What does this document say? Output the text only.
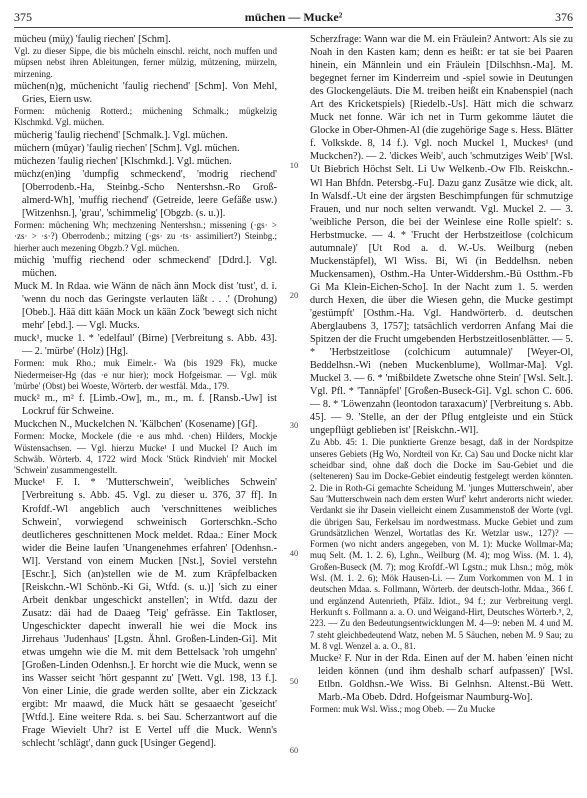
375	müchen — Mucke²	376

mücheu (müχ) 'faulig riechen' [Schm].

Vgl. zu dieser Sippe, die bis mücheln einschl. reicht, noch muffen und müpsen nebst ihren Ableitungen, ferner mülzig, mützening, mürzeln, mirzening.

müchen(n)g, müchenicht 'faulig riechend' [Schm]. Von Mehl, Gries, Eiern usw.

Formen: müchenig Rotterd.; müchening Schmalk.; mügkelzig Klschmkd. Vgl. müchen.

mücherig 'faulig riechend' [Schmalk.]. Vgl. müchen.

müchern (mûχər) 'faulig riechen' [Schm]. Vgl. müchen.

müchezen 'faulig riechen' [Klschmkd.]. Vgl. müchen.

müchz(en)ing 'dumpfig schmeckend', 'modrig riechend' [Oberrodenb.-Ha, Steinbg.-Scho Nentershsn.-Ro Groß-almerd-Wh], 'muffig riechend' (Getreide, leere Gefäße usw.) [Witzenhsn.], 'grau', 'schimmelig' [Obgzb. (s. u.)].

Formen: müchening Wh; mechzening Nentershsn.; missening (·gs· > ·zs· > ·s·?) Oberrodenb.; mitzing (·gs· zu ·ts· assimiliert?) Steinbg.; hierher auch mezening Obgzb.? Vgl. müchen.

müchig 'muffig riechend oder schmeckend' [Ddrd.]. Vgl. müchen.

Muck M. In Rdaa. wie Wänn de näch änn Mock dist 'tust', d. i. 'wenn du noch das Geringste verlauten läßt . . .' (Drohung) [Obeb.]. Hää ditt kään Mock un kään Zock 'bewegt sich nicht mehr' [ebd.]. — Vgl. Mucks.

muck¹, mucke 1. * 'edelfaul' (Birne) [Verbreitung s. Abb. 43]. — 2. 'mürbe' (Holz) [Hg].

Formen: muk Rho.; muk Eimelr.- Wa (bis 1929 Fk), mucke Niedermeiser-Hg (das ·e nur hier); mock Hofgeismar. — Vgl. mük 'mürbe' (Obst) bei Woeste, Wörterb. der westfäl. Mda., 179.

muck² m., m² f. [Limb.-Ow], m., m., m. f. [Ransb.-Uw] ist Lockruf für Schweine.

Muckchen N., Muckelchen N. 'Kälbchen' (Kosename) [Gf].

Formen: Mocke, Mockele (die ·e aus mhd. ·chen) Hilders, Mockje Wüstensachsen. — Vgl. hierzu Mucke¹ I und Muckel I? Auch im Schwäb. Wörterb. 4, 1722 wird Mock 'Stück Rindvieh' mit Mockel 'Schwein' zusammengestellt.

Mucke¹ F. I. * 'Mutterschwein', 'weibliches Schwein' [Verbreitung s. Abb. 45. Vgl. zu dieser u. 376, 37 ff]. In Krofdf.-Wl angeblich auch 'verschnittenes weibliches Schwein', vorwiegend schweinisch Gorterschkn.-Scho deutlicheres geschnittenen Mock meldet. Rdaa.: Einer Mock wider die Beine laufen 'Unangenehmes erfahren' [Odenhsn.-Wl]. Verstand von einem Mucken [Nst.], Soviel verstehn [Eschr.], Sich (an)stellen wie de M. zum Kräpfelbacken [Reiskchn.-Wl Schönb.-Ki Gi, Wtfd. (s. u.)] 'sich zu einer Arbeit denkbar ungeschickt anstellen'; in Wtfd. dazu der Zusatz: däi had de Daaeg 'Teig' gefrässe. Ein Taktloser, Ungeschickter dapecht inwerall hie wei die Mock ins Jirrehaus 'Judenhaus' [Lgstn. Ähnl. Großen-Linden-Gi]. Mit etwas umgehn wie die M. mit dem Bettelsack 'roh umgehn' [Großen-Linden Odenhsn.]. Er horcht wie die Muck, wenn se ins Wasser seicht 'hört gespannt zu' [Wett. Vgl. 198, 13 f.]. Von einer Linie, die grade werden sollte, aber ein Zickzack ergibt: Mr maawd, die Muck hätt se gesaaecht 'geseicht' [Wtfd.]. Eine weitere Rda. s. bei Sau. Scherzantwort auf die Frage Wievielt Uhr? ist E Vertel uff die Muck. Wenn's schlecht 'schlägt', dann guck [Usinger Gegend].

10
20
30
40
50
60

Scherzfrage: Wann war die M. ein Fräulein? Antwort: Als sie zu Noah in den Kasten kam; denn es heißt: er tat sie bei Paaren hinein, ein Männlein und ein Fräulein [Dilschhsn.-Ma]. M. begegnet ferner im Kinderreim und -spiel sowie in Deutungen des Glockengeläuts. Die M. treiben heißt ein Knabenspiel (nach Art des Kricketspiels) [Riedelb.-Us]. Hätt mich die schwarz Muck net fonne. Wär ich net in Turm gekomme läutet die Glocke in Ober-Ohmen-Al (die zugehörige Sage s. Hess. Blätter f. Volkskde. 8, 14 f.). Vgl. noch Muckel 1, Muckes¹ (und Muckchen?). — 2. 'dickes Weib', auch 'schmutziges Weib' [Wsl. Ut Biebrich Höchst Selt. Li Uw Welkenb.-Ow Flb. Reiskchn.-Wl Han Bhfdn. Petersbg.-Fu]. Dazu ganz Zusätze wie dick, alt. In Walsdf.-Ut eine der ärgsten Beschimpfungen für schmutzige Frauen, und nur noch selten verwandt. Vgl. Muckel 2. — 3. 'weibliche Person, die bei der Weinlese eine Rolle spielt': s. Herbstmucke. — 4. * 'Frucht der Herbstzeitlose (colchicum autumnale)' [Ut Rod a. d. W.-Us. Weilburg (neben Muckenstäpfel), Wl Wiss. Bi, Wi (in Beddelhsn. neben Muckensamen), Osthm.-Ha Unter-Widdershm.-Bü Ostthm.-Fb Gi Ma Klein-Eichen-Scho]. In der Nacht zum 1. 5. werden durch Hexen, die über die Wiesen gehn, die Mucke gestimpt 'gestümpft' [Osthm.-Ha. Vgl. Handwörterb. d. deutschen Aberglaubens 3, 1757]; tatsächlich verdorren Anfang Mai die Spitzen der die Frucht umgebenden Herbstzeitlosenblätter. — 5. * 'Herbstzeitlose (colchicum autumnale)' [Weyer-Ol, Beddelhsn.-Wi (neben Muckenblume), Wollmar-Ma]. Vgl. Muckel 3. — 6. * 'mißbildete Zwetsche ohne Stein' [Wsl. Selt.]. Vgl. Pfl. * 'Tannäpfel' [Großen-Buseck-Gi]. Vgl. schon C. 606. — 8. * 'Löwenzahn (leontodon taraxacum)' [Verbreitung s. Abb. 45]. — 9. 'Stelle, an der der Pflug entgleiste und ein Stück ungepflügt geblieben ist' [Reiskchn.-Wl].

Zu Abb. 45: 1. Die punktierte Grenze besagt, daß in der Nordspitze unseres Gebiets (Hg Wo, Nordteil von Kr. Ca) Sau und Docke nicht klar scheidbar sind, ohne daß doch die Docke im Sau-Gebiet und die (selteneren) Sau im Docke-Gebiet eindeutig festgelegt werden könnten. 2. Die in Roth-Gi gemachte Scheidung M. 'junges Mutterschwein', aber Sau 'Mutterschwein nach dem ersten Wurf' kehrt anderorts nicht wieder. Verdankt sie ihr Dasein vielleicht einem Zusammenstoß der Worte (vgl. die übrigen Sau, Ferkelsau im nordwestmass. Mucke Gebiet und zum Grundsätzlichen Wenzel, Wortatlas des Kr. Wetzlar usw., 127)? — Formen (wo nicht anders angegeben, von M. 1): Mucke Wollmar-Ma; muq Selt. (M. 1. 2. 6), Lghn., Weilburg (M. 4); mog Wiss. (M. 1. 4), Großen-Buseck (M. 7); mog Krofdf.-Wl Lgstn.; muk Lhsn.; mög, mök Wsl. (M. 1. 2. 6); Mök Hausen-Li. — Zum Vorkommen von M. 1 in deutschen Mdaa. s. Follmann, Wörterb. der deutsch-lothr. Mdaa., 366 f. und ergänzend Autenrieth, Pfälz. Idiot., 94 f.; zur Verbreitung vergl. Herkunft s. Follmann a. a. O. und Weigand-Hirt, Deutsches Wörterb.⁵, 2, 223. — Zu den Bedeutungsentwicklungen M. 4—9: neben M. 4 und M. 7 steht gleichbedeutend Watz, neben M. 5 Säuchen, neben M. 9 Sau; zu M. 8 vgl. Wenzel a. a. O., 81.

Mucke² F. Nur in der Rda. Einen auf der M. haben 'einen nicht leiden können (und ihm deshalb scharf aufpassen)' [Wsl. Etlbn. Goldhsn.-We Wiss. Bi Gelnhsn. Altenst.-Bü Wett. Marb.-Ma Obeb. Ddrd. Hofgeismar Naumburg-Wo].

Formen: muk Wsl. Wiss.; mog Obeb. — Zu Mucke
